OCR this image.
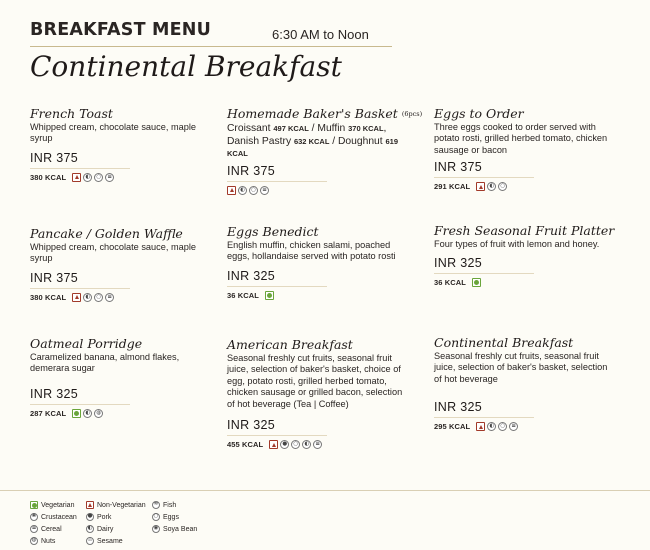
BREAKFAST MENU	6:30 AM to Noon
Continental Breakfast
French Toast
Whipped cream, chocolate sauce, maple syrup
INR 375
380 KCAL	◐	○	≡
Homemade Baker's Basket (6pcs)
Croissant 497 KCAL / Muffin 370 KCAL, Danish Pastry 632 KCAL / Doughnut 619 KCAL
INR 375
◐	○	≡
Eggs to Order
Three eggs cooked to order served with potato rosti, grilled herbed tomato, chicken sausage or bacon
INR 375
291 KCAL	◐	○
Pancake / Golden Waffle
Whipped cream, chocolate sauce, maple syrup
INR 375
380 KCAL	◐	○	≡
Eggs Benedict
English muffin, chicken salami, poached eggs, hollandaise served with potato rosti
INR 325
36 KCAL
Fresh Seasonal Fruit Platter
Four types of fruit with lemon and honey.
INR 325
36 KCAL
Oatmeal Porridge
Caramelized banana, almond flakes, demerara sugar
INR 325
287 KCAL	◐	◍
American Breakfast
Seasonal freshly cut fruits, seasonal fruit juice, selection of baker's basket, choice of egg, potato rosti, grilled herbed tomato, chicken sausage or grilled bacon, selection of hot beverage (Tea | Coffee)
INR 325
455 KCAL	●	○	◐	≡
Continental Breakfast
Seasonal freshly cut fruits, seasonal fruit juice, selection of baker's basket, selection of hot beverage
INR 325
295 KCAL	◐	○	≡
Vegetarian	Non-Vegetarian	≈ Fish
❀ Crustacean ● Pork	○ Eggs
≡ Cereal	◐ Dairy	◉ Soya Bean
◍ Nuts	∴ Sesame
